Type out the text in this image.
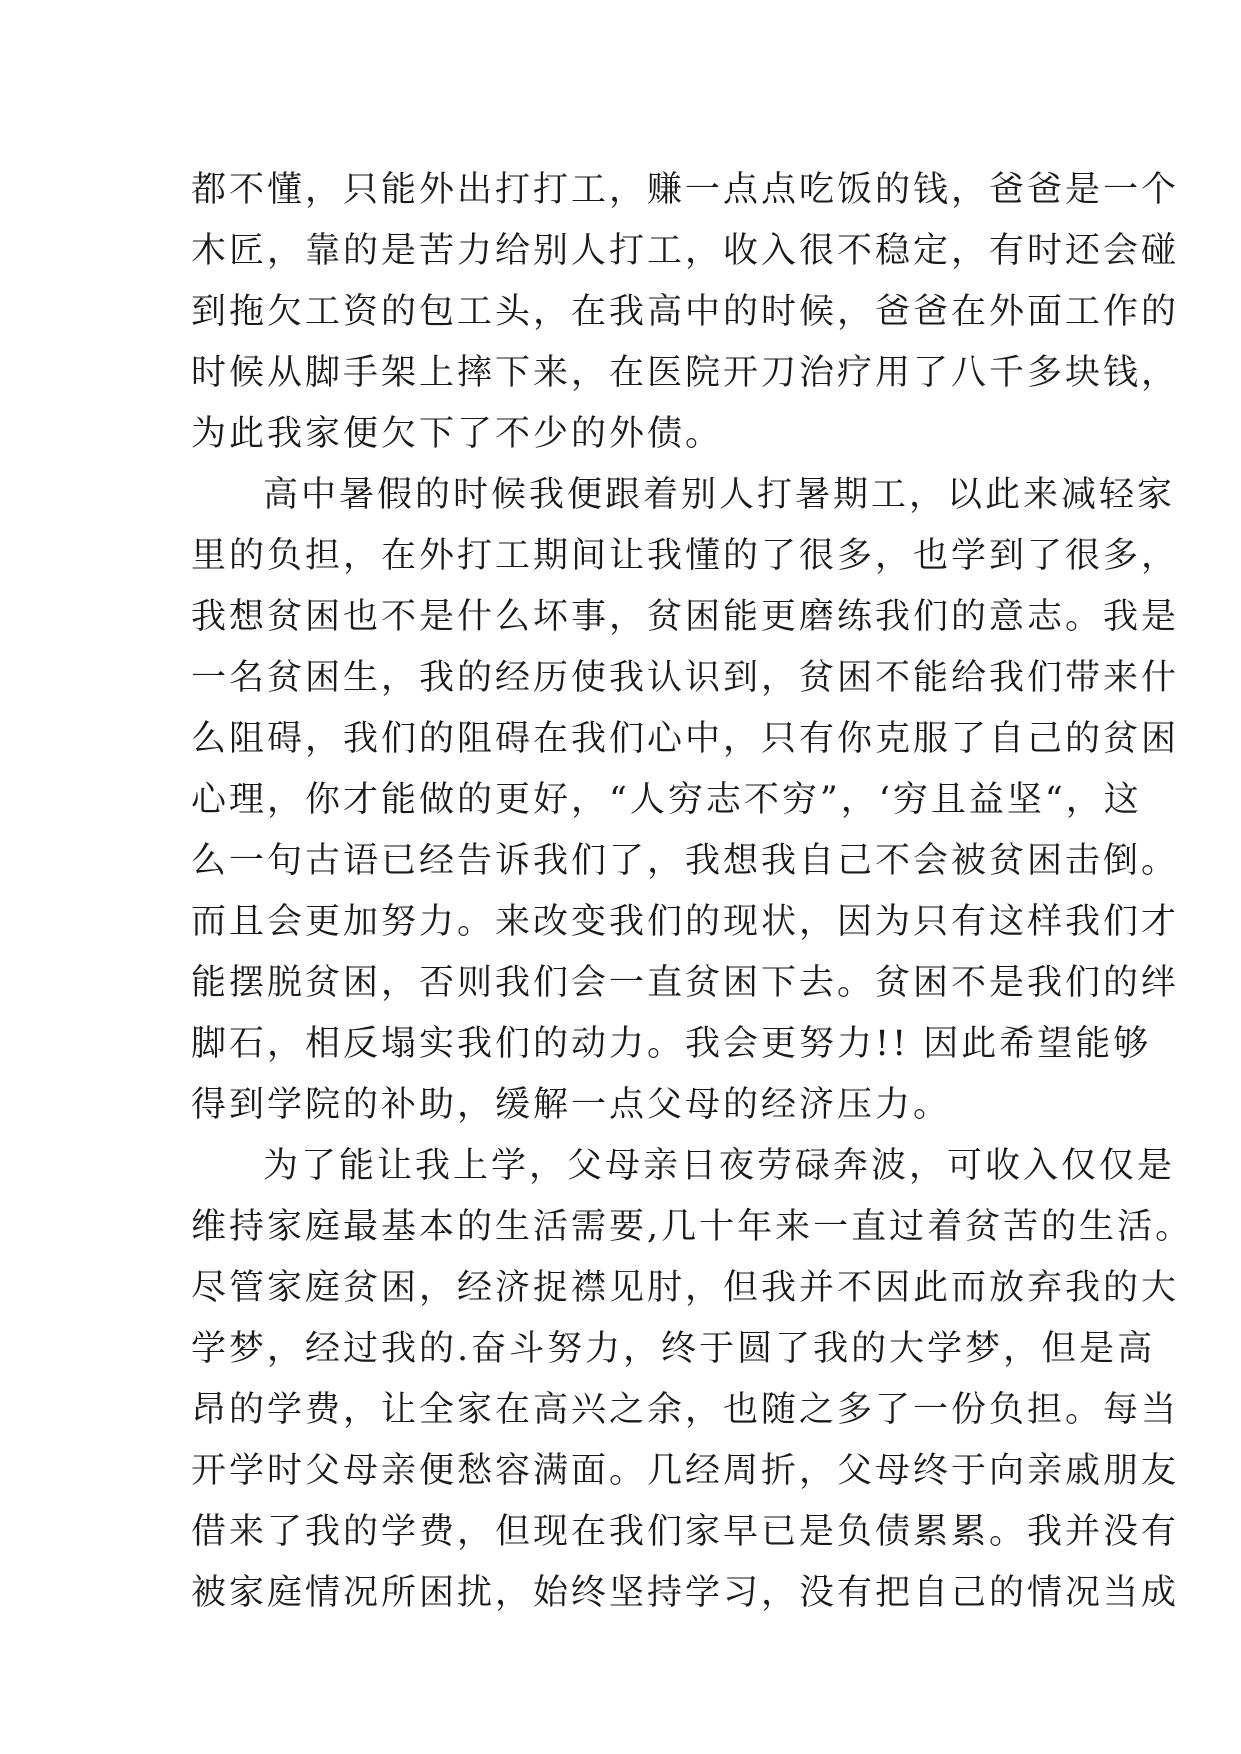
都不懂，只能外出打打工，赚一点点吃饭的钱，爸爸是一个
木匠，靠的是苦力给别人打工，收入很不稳定，有时还会碰
到拖欠工资的包工头，在我高中的时候，爸爸在外面工作的
时候从脚手架上摔下来，在医院开刀治疗用了八千多块钱，
为此我家便欠下了不少的外债。
高中暑假的时候我便跟着别人打暑期工，以此来减轻家
里的负担，在外打工期间让我懂的了很多，也学到了很多，
我想贫困也不是什么坏事，贫困能更磨练我们的意志。我是
一名贫困生，我的经历使我认识到，贫困不能给我们带来什
么阻碍，我们的阻碍在我们心中，只有你克服了自己的贫困
心理，你才能做的更好，“人穷志不穷”，‘穷且益坚“，这
么一句古语已经告诉我们了，我想我自己不会被贫困击倒。
而且会更加努力。来改变我们的现状，因为只有这样我们才
能摆脱贫困，否则我们会一直贫困下去。贫困不是我们的绊
脚石，相反塌实我们的动力。我会更努力!! 因此希望能够
得到学院的补助，缓解一点父母的经济压力。
为了能让我上学，父母亲日夜劳碌奔波，可收入仅仅是
维持家庭最基本的生活需要,几十年来一直过着贫苦的生活。
尽管家庭贫困，经济捉襟见肘，但我并不因此而放弃我的大
学梦，经过我的.奋斗努力，终于圆了我的大学梦，但是高
昂的学费，让全家在高兴之余，也随之多了一份负担。每当
开学时父母亲便愁容满面。几经周折，父母终于向亲戚朋友
借来了我的学费，但现在我们家早已是负债累累。我并没有
被家庭情况所困扰，始终坚持学习，没有把自己的情况当成
